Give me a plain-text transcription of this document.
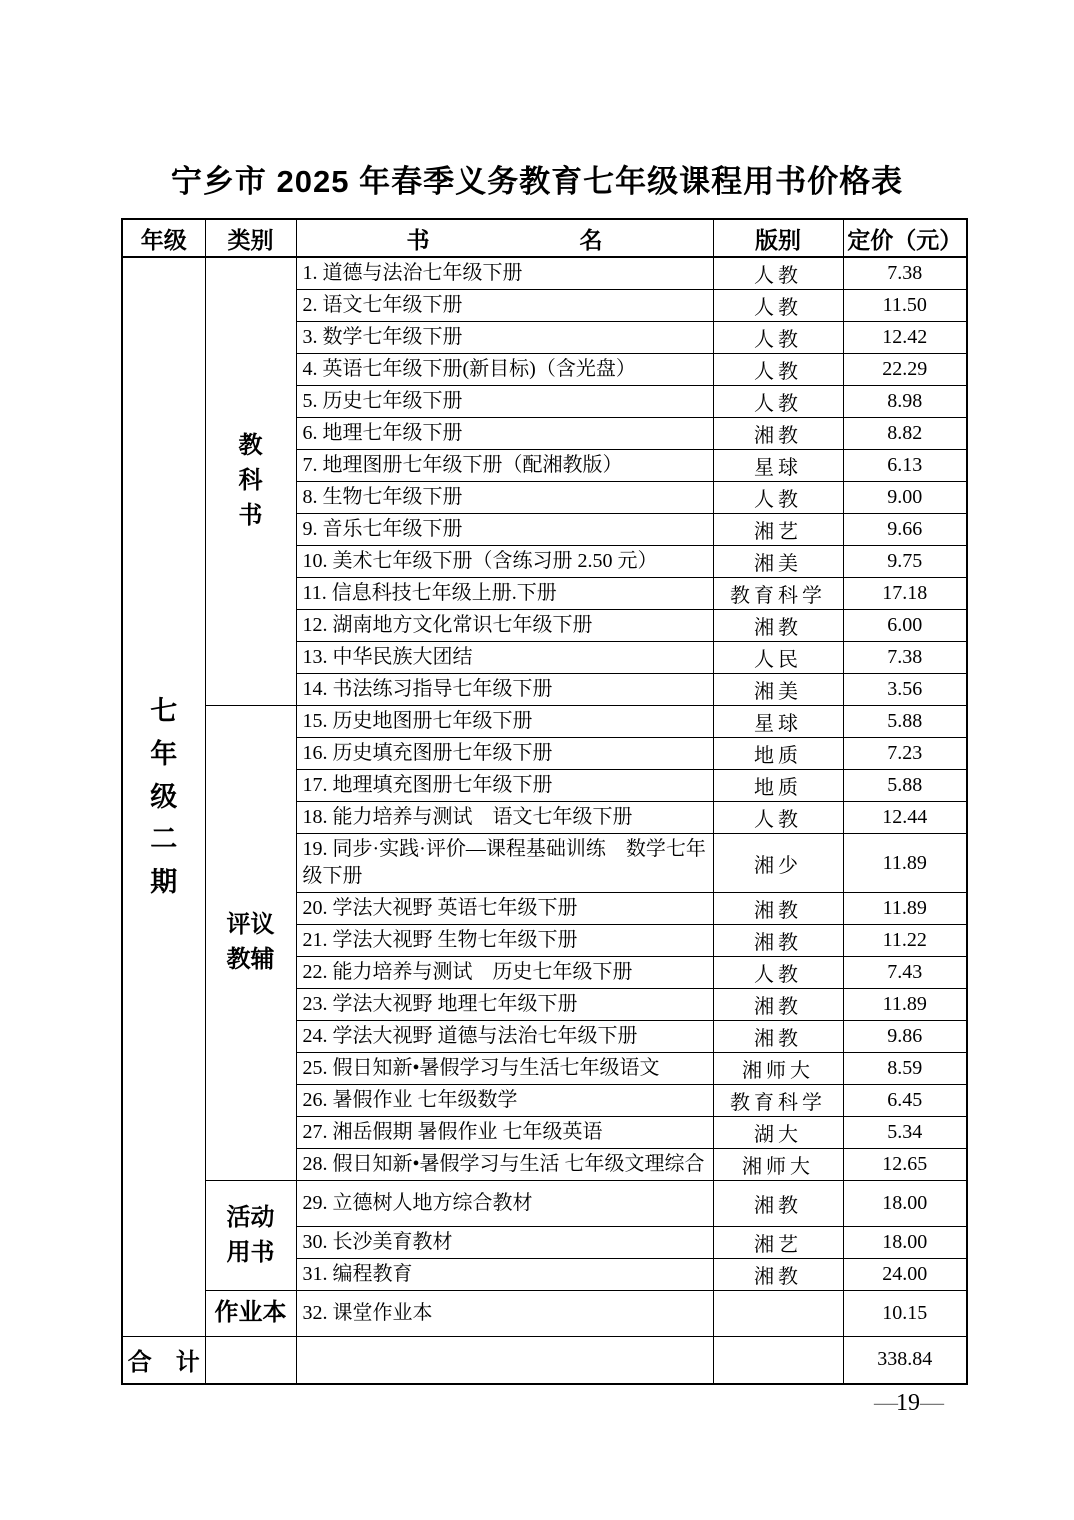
宁乡市 2025 年春季义务教育七年级课程用书价格表
年级	类别	书 名	版别	定价（元）

七年级二期	教科书	1. 道德与法治七年级下册	人教	7.38
		2. 语文七年级下册	人教	11.50
		3. 数学七年级下册	人教	12.42
		4. 英语七年级下册(新目标)（含光盘）	人教	22.29
		5. 历史七年级下册	人教	8.98
		6. 地理七年级下册	湘教	8.82
		7. 地理图册七年级下册（配湘教版）	星球	6.13
		8. 生物七年级下册	人教	9.00
		9. 音乐七年级下册	湘艺	9.66
		10. 美术七年级下册（含练习册 2.50 元）	湘美	9.75
		11. 信息科技七年级上册.下册	教育科学	17.18
		12. 湖南地方文化常识七年级下册	湘教	6.00
		13. 中华民族大团结	人民	7.38
		14. 书法练习指导七年级下册	湘美	3.56

	评议教辅	15. 历史地图册七年级下册	星球	5.88
		16. 历史填充图册七年级下册	地质	7.23
		17. 地理填充图册七年级下册	地质	5.88
		18. 能力培养与测试　语文七年级下册	人教	12.44
		19. 同步·实践·评价—课程基础训练　数学七年级下册	湘少	11.89
		20. 学法大视野 英语七年级下册	湘教	11.89
		21. 学法大视野 生物七年级下册	湘教	11.22
		22. 能力培养与测试　历史七年级下册	人教	7.43
		23. 学法大视野 地理七年级下册	湘教	11.89
		24. 学法大视野 道德与法治七年级下册	湘教	9.86
		25. 假日知新•暑假学习与生活七年级语文	湘师大	8.59
		26. 暑假作业 七年级数学	教育科学	6.45
		27. 湘岳假期 暑假作业 七年级英语	湖大	5.34
		28. 假日知新•暑假学习与生活 七年级文理综合	湘师大	12.65

	活动用书	29. 立德树人地方综合教材	湘教	18.00
		30. 长沙美育教材	湘艺	18.00
		31. 编程教育	湘教	24.00

	作业本	32. 课堂作业本		10.15
合　计				338.84
—19—
